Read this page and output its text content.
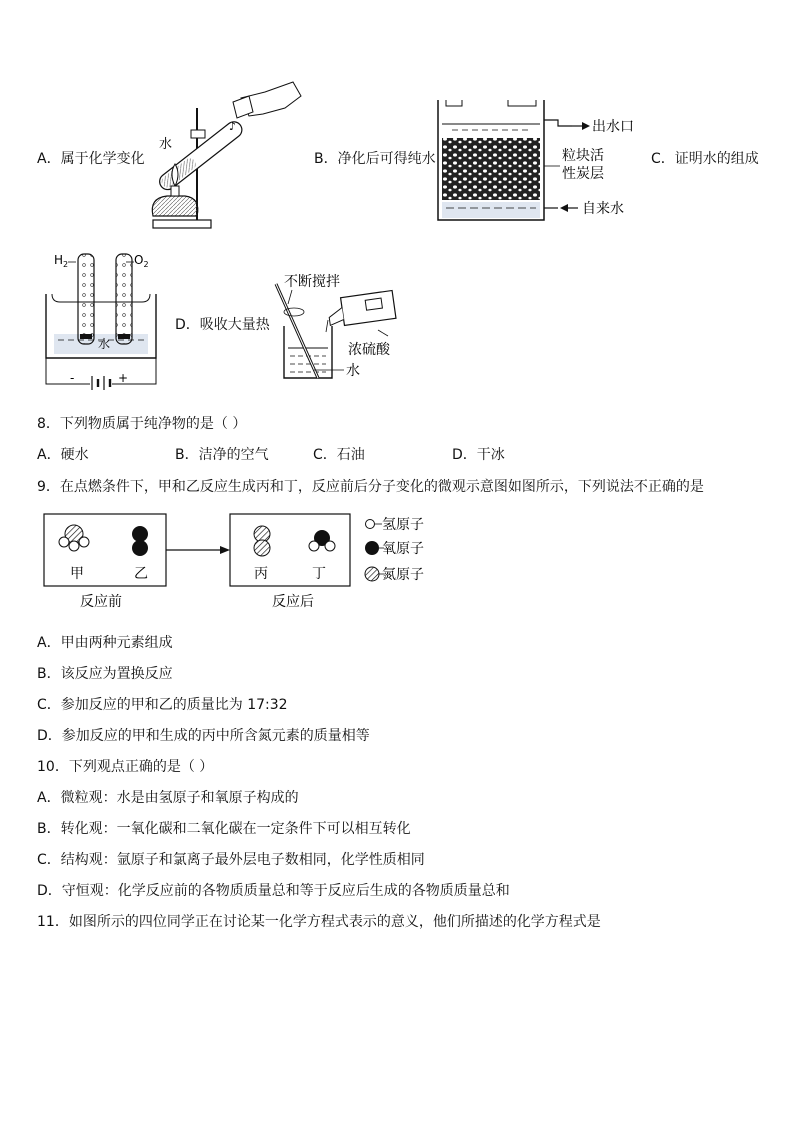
A．属于化学变化
♪
水
B．净化后可得纯水
出水口
粒块活
性炭层
自来水
C．证明水的组成
$H_2$	$O_2$
水
-	+
D．吸收大量热
不断搅拌
浓硫酸
水
8．下列物质属于纯净物的是（ ）
A．硬水	B．洁净的空气	C．石油	D．干冰
9．在点燃条件下，甲和乙反应生成丙和丁，反应前后分子变化的微观示意图如图所示，下列说法不正确的是
甲	乙
反应前
丙	丁
反应后
氢原子
氧原子
氮原子
A．甲由两种元素组成
B．该反应为置换反应
C．参加反应的甲和乙的质量比为 17:32
D．参加反应的甲和生成的丙中所含氮元素的质量相等
10．下列观点正确的是（ ）
A．微粒观：水是由氢原子和氧原子构成的
B．转化观：一氧化碳和二氧化碳在一定条件下可以相互转化
C．结构观：氩原子和氯离子最外层电子数相同，化学性质相同
D．守恒观：化学反应前的各物质质量总和等于反应后生成的各物质质量总和
11．如图所示的四位同学正在讨论某一化学方程式表示的意义，他们所描述的化学方程式是
